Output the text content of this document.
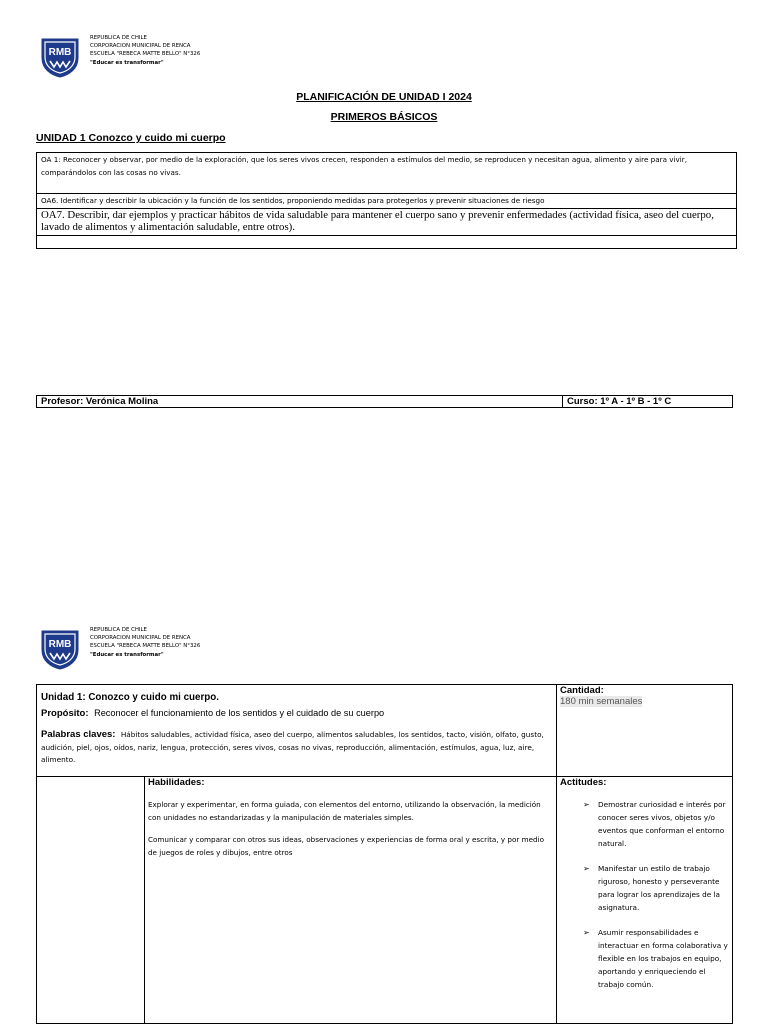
RMB
REPUBLICA DE CHILE
CORPORACION MUNICIPAL DE RENCA
ESCUELA "REBECA MATTE BELLO" N°326
"Educar es transformar"
PLANIFICACIÓN DE UNIDAD I 2024
PRIMEROS BÁSICOS
UNIDAD 1 Conozco y cuido mi cuerpo
OA 1: Reconocer y observar, por medio de la exploración, que los seres vivos crecen, responden a estímulos del medio, se reproducen y necesitan agua, alimento y aire para vivir, comparándolos con las cosas no vivas.
OA6. Identificar y describir la ubicación y la función de los sentidos, proponiendo medidas para protegerlos y prevenir situaciones de riesgo
OA7. Describir, dar ejemplos y practicar hábitos de vida saludable para mantener el cuerpo sano y prevenir enfermedades (actividad física, aseo del cuerpo, lavado de alimentos y alimentación saludable, entre otros).
Profesor: Verónica Molina	Curso: 1º A - 1º B - 1º C
RMB
REPUBLICA DE CHILE
CORPORACION MUNICIPAL DE RENCA
ESCUELA "REBECA MATTE BELLO" N°326
"Educar es transformar"
Unidad 1: Conozco y cuido mi cuerpo.
Propósito: Reconocer el funcionamiento de los sentidos y el cuidado de su cuerpo
Palabras claves: Hábitos saludables, actividad física, aseo del cuerpo, alimentos saludables, los sentidos, tacto, visión, olfato, gusto, audición, piel, ojos, oídos, nariz, lengua, protección, seres vivos, cosas no vivas, reproducción, alimentación, estímulos, agua, luz, aire, alimento.
Cantidad:
180 min semanales
Habilidades:
Explorar y experimentar, en forma guiada, con elementos del entorno, utilizando la observación, la medición con unidades no estandarizadas y la manipulación de materiales simples.
Comunicar y comparar con otros sus ideas, observaciones y experiencias de forma oral y escrita, y por medio de juegos de roles y dibujos, entre otros
Actitudes:
➢ Demostrar curiosidad e interés por conocer seres vivos, objetos y/o eventos que conforman el entorno natural.
➢ Manifestar un estilo de trabajo riguroso, honesto y perseverante para lograr los aprendizajes de la asignatura.
➢ Asumir responsabilidades e interactuar en forma colaborativa y flexible en los trabajos en equipo, aportando y enriqueciendo el trabajo común.
